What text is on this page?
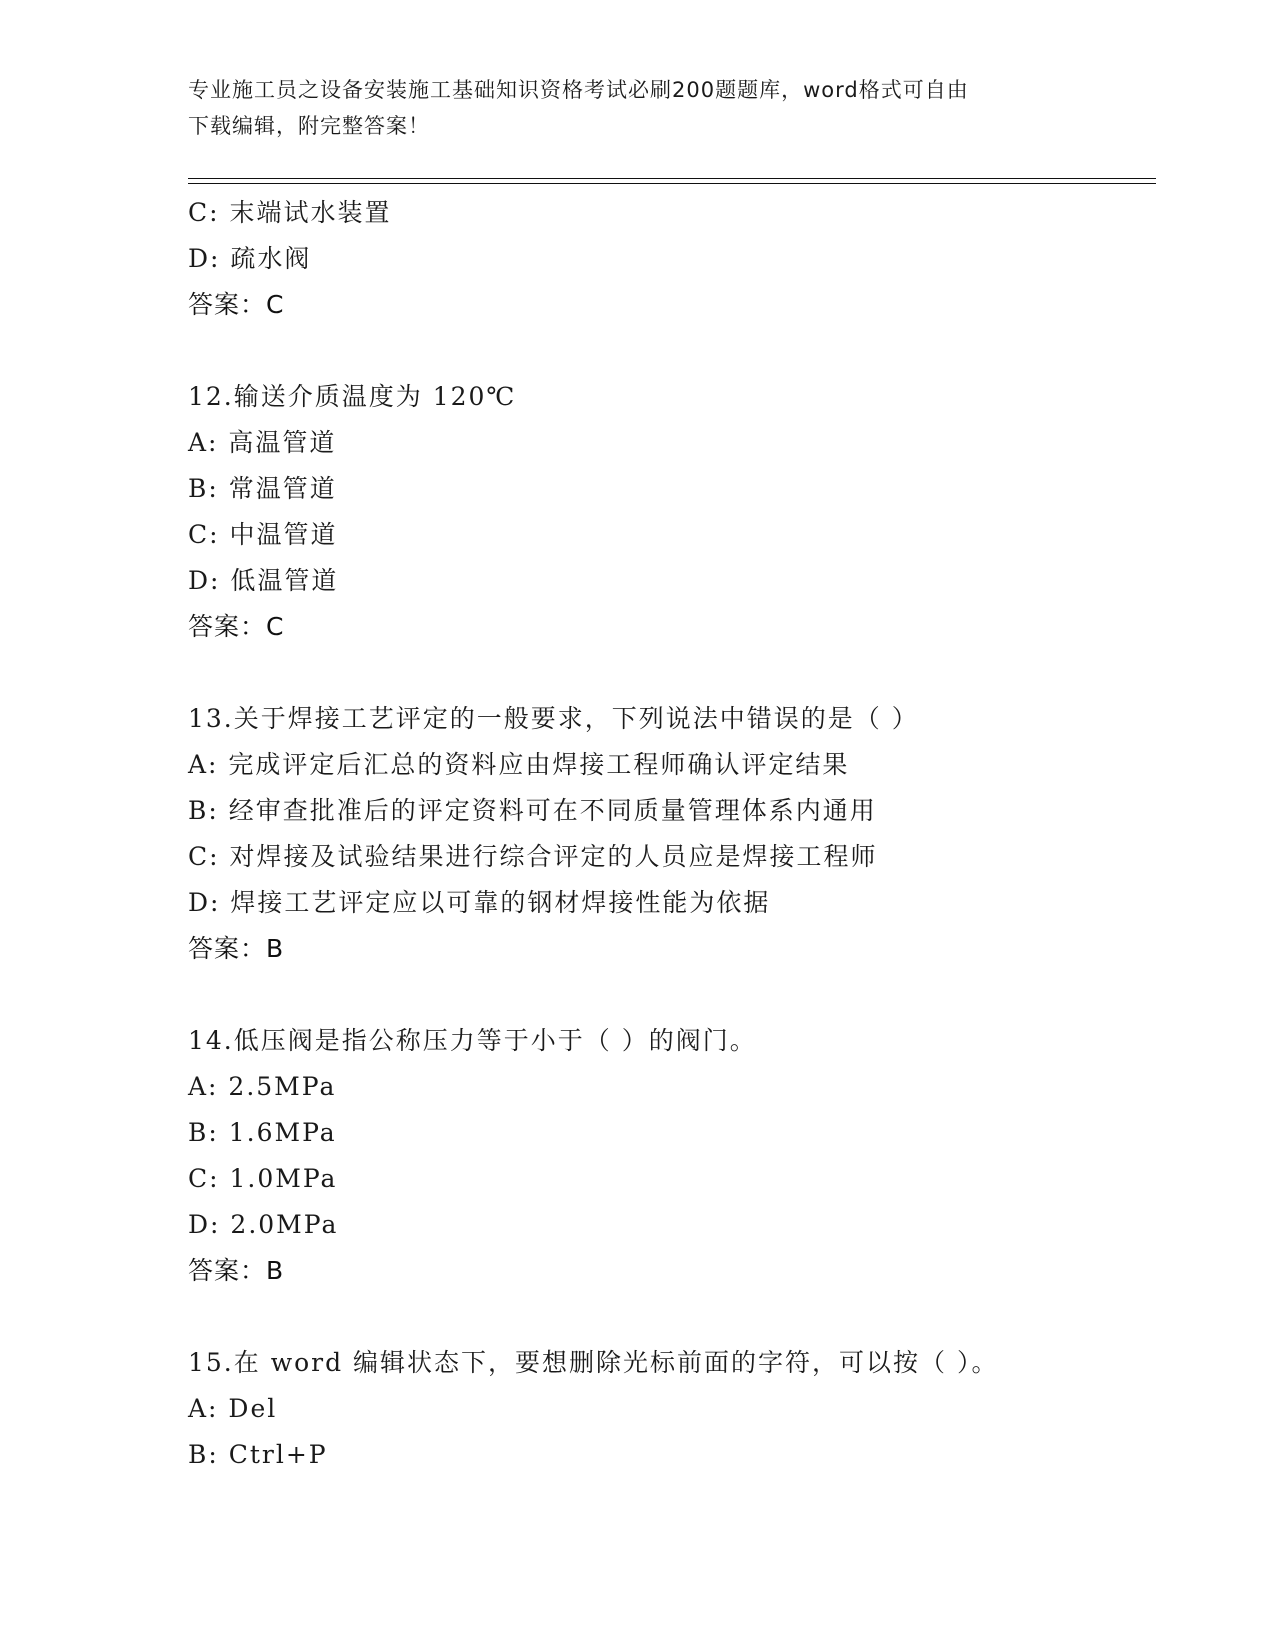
专业施工员之设备安装施工基础知识资格考试必刷200题题库，word格式可自由
下载编辑，附完整答案！
C: 末端试水装置
D: 疏水阀
答案：C
12.输送介质温度为 120℃
A: 高温管道
B: 常温管道
C: 中温管道
D: 低温管道
答案：C
13.关于焊接工艺评定的一般要求，下列说法中错误的是（ ）
A: 完成评定后汇总的资料应由焊接工程师确认评定结果
B: 经审查批准后的评定资料可在不同质量管理体系内通用
C: 对焊接及试验结果进行综合评定的人员应是焊接工程师
D: 焊接工艺评定应以可靠的钢材焊接性能为依据
答案：B
14.低压阀是指公称压力等于小于（ ）的阀门。
A: 2.5MPa
B: 1.6MPa
C: 1.0MPa
D: 2.0MPa
答案：B
15.在 word 编辑状态下，要想删除光标前面的字符，可以按（ ）。
A: Del
B: Ctrl+P
